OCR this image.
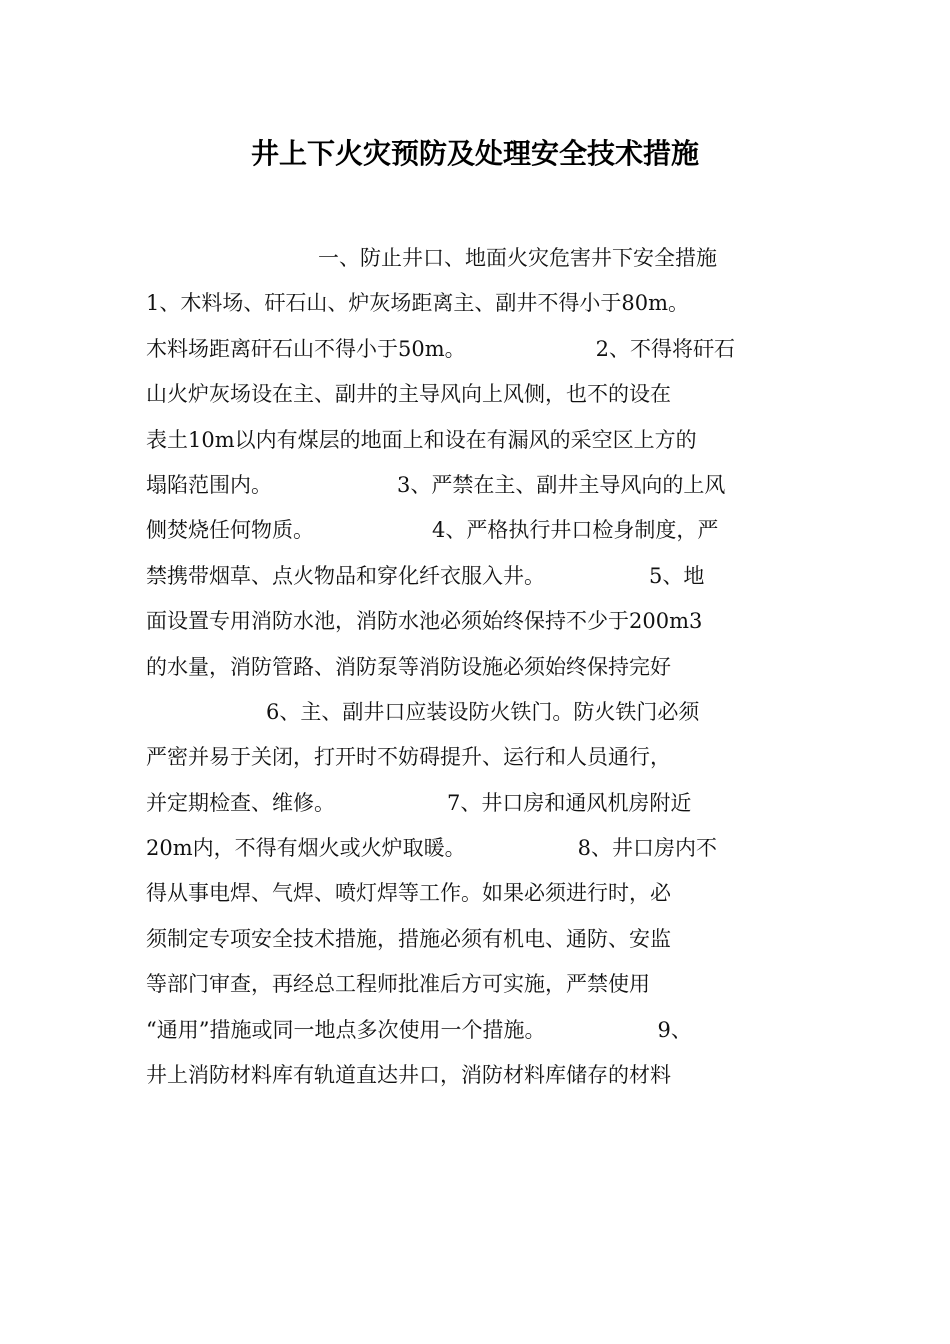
井上下火灾预防及处理安全技术措施
一、防止井口、地面火灾危害井下安全措施
1、木料场、矸石山、炉灰场距离主、副井不得小于80m。
木料场距离矸石山不得小于50m。	2、不得将矸石
山火炉灰场设在主、副井的主导风向上风侧，也不的设在
表土10m以内有煤层的地面上和设在有漏风的采空区上方的
塌陷范围内。	3、严禁在主、副井主导风向的上风
侧焚烧任何物质。	4、严格执行井口检身制度，严
禁携带烟草、点火物品和穿化纤衣服入井。	5、地
面设置专用消防水池，消防水池必须始终保持不少于200m3
的水量，消防管路、消防泵等消防设施必须始终保持完好
6、主、副井口应装设防火铁门。防火铁门必须
严密并易于关闭，打开时不妨碍提升、运行和人员通行，
并定期检查、维修。	7、井口房和通风机房附近
20m内，不得有烟火或火炉取暖。	8、井口房内不
得从事电焊、气焊、喷灯焊等工作。如果必须进行时，必
须制定专项安全技术措施，措施必须有机电、通防、安监
等部门审查，再经总工程师批准后方可实施，严禁使用
“通用”措施或同一地点多次使用一个措施。	9、
井上消防材料库有轨道直达井口，消防材料库储存的材料
